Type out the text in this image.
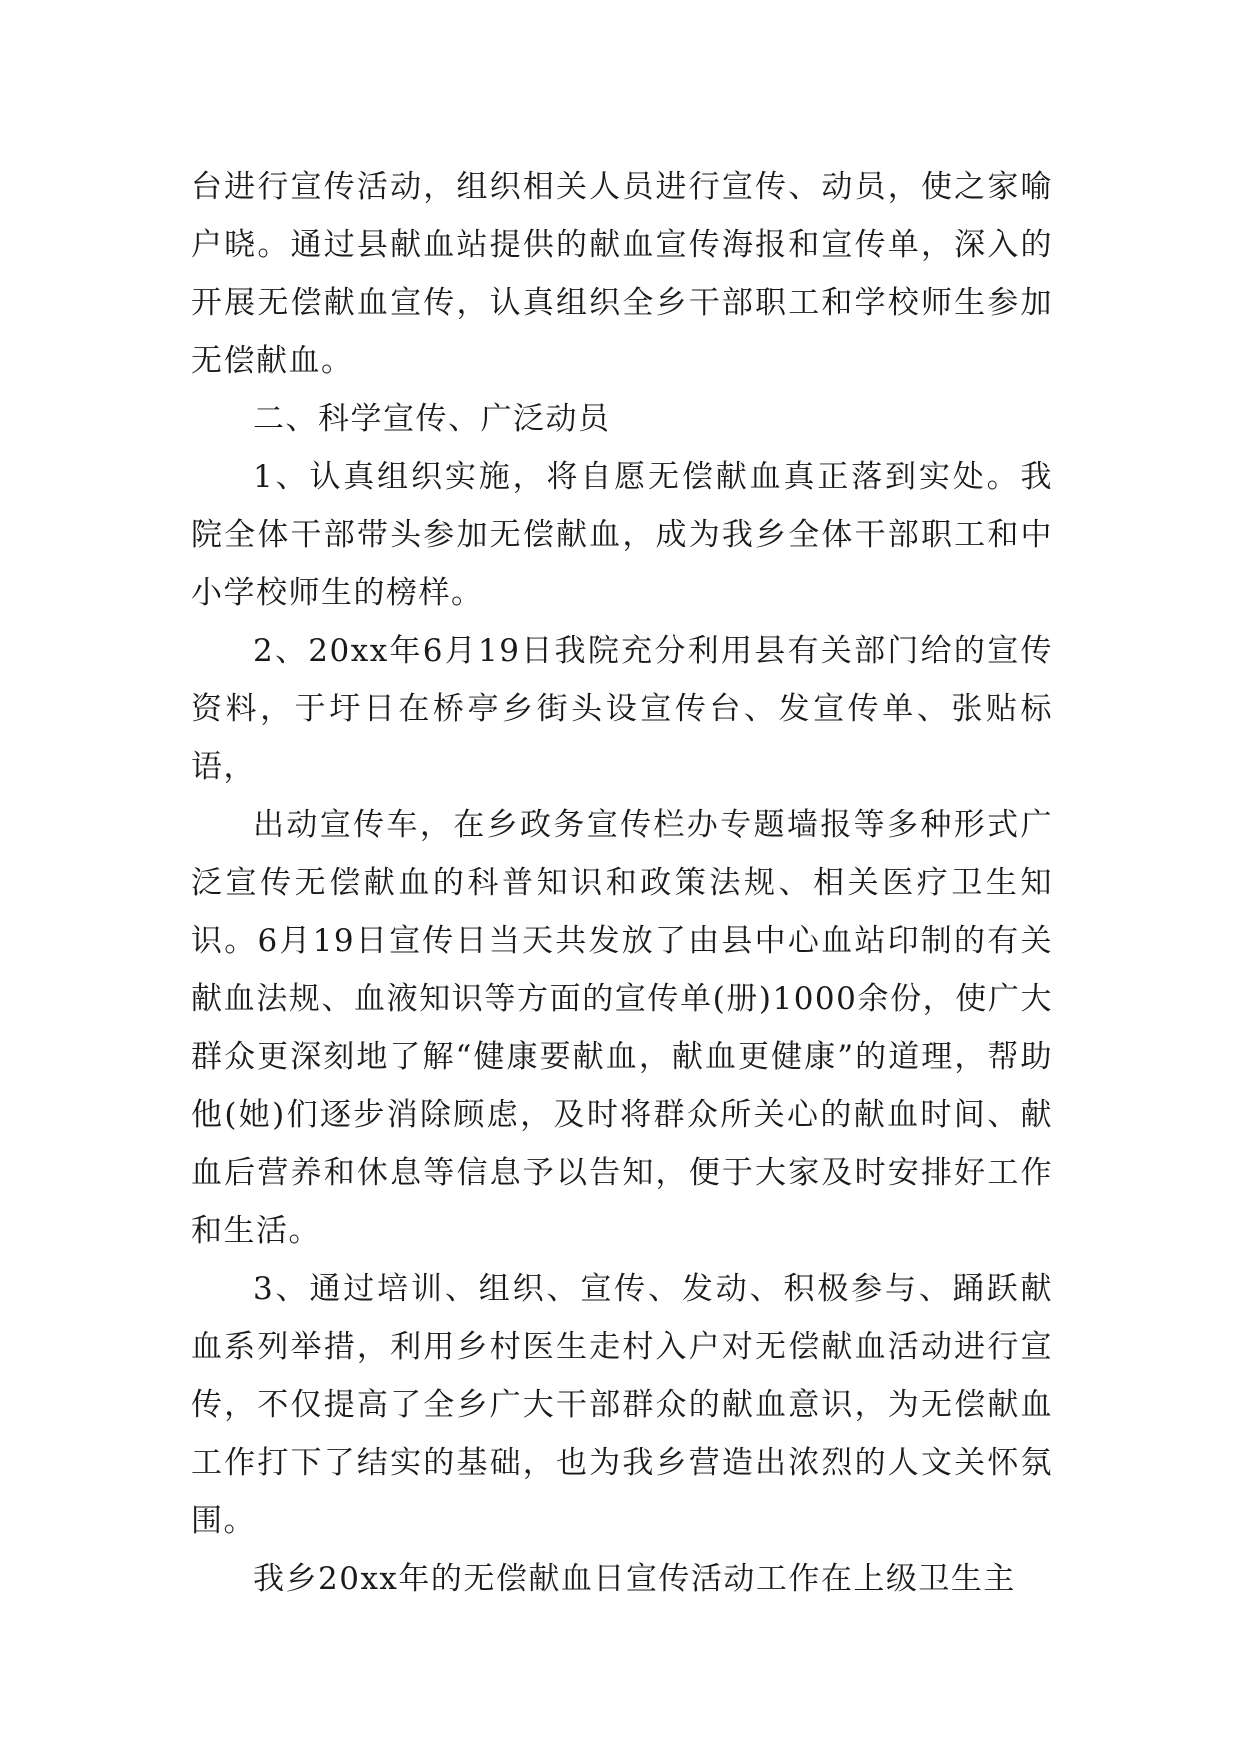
台进行宣传活动，组织相关人员进行宣传、动员，使之家喻户晓。通过县献血站提供的献血宣传海报和宣传单，深入的开展无偿献血宣传，认真组织全乡干部职工和学校师生参加无偿献血。

二、科学宣传、广泛动员

1、认真组织实施，将自愿无偿献血真正落到实处。我院全体干部带头参加无偿献血，成为我乡全体干部职工和中小学校师生的榜样。

2、20xx年6月19日我院充分利用县有关部门给的宣传资料，于圩日在桥亭乡街头设宣传台、发宣传单、张贴标语，

出动宣传车，在乡政务宣传栏办专题墙报等多种形式广泛宣传无偿献血的科普知识和政策法规、相关医疗卫生知识。6月19日宣传日当天共发放了由县中心血站印制的有关献血法规、血液知识等方面的宣传单(册)1000余份，使广大群众更深刻地了解“健康要献血，献血更健康”的道理，帮助他(她)们逐步消除顾虑，及时将群众所关心的献血时间、献血后营养和休息等信息予以告知，便于大家及时安排好工作和生活。

3、通过培训、组织、宣传、发动、积极参与、踊跃献血系列举措，利用乡村医生走村入户对无偿献血活动进行宣传，不仅提高了全乡广大干部群众的献血意识，为无偿献血工作打下了结实的基础，也为我乡营造出浓烈的人文关怀氛围。

我乡20xx年的无偿献血日宣传活动工作在上级卫生主
